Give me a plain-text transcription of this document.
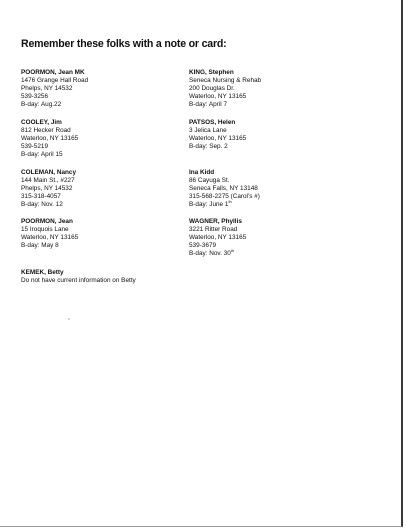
Remember these folks with a note or card:
POORMON, Jean MK
1476 Grange Hall Road
Phelps, NY 14532
539-3256
B-day: Aug.22
COOLEY, Jim
812 Hecker Road
Waterloo, NY 13165
539-5219
B-day: April 15
COLEMAN, Nancy
144 Main St., #227
Phelps, NY 14532
315-318-4057
B-day: Nov. 12
POORMON, Jean
15 Iroquois Lane
Waterloo, NY 13165
B-day: May 8
KEMEK, Betty
Do not have current information on Betty
KING, Stephen
Seneca Nursing & Rehab
200 Douglas Dr.
Waterloo, NY 13165
B-day: April 7
PATSOS, Helen
3 Jelica Lane
Waterloo, NY 13165
B-day: Sep. 2
Ina Kidd
86 Cayuga St.
Seneca Falls, NY 13148
315-568-2275 (Carol's #)
B-day: June 1th
WAGNER, Phyllis
3221 Ritter Road
Waterloo, NY 13165
539-3679
B-day: Nov. 30th
*
